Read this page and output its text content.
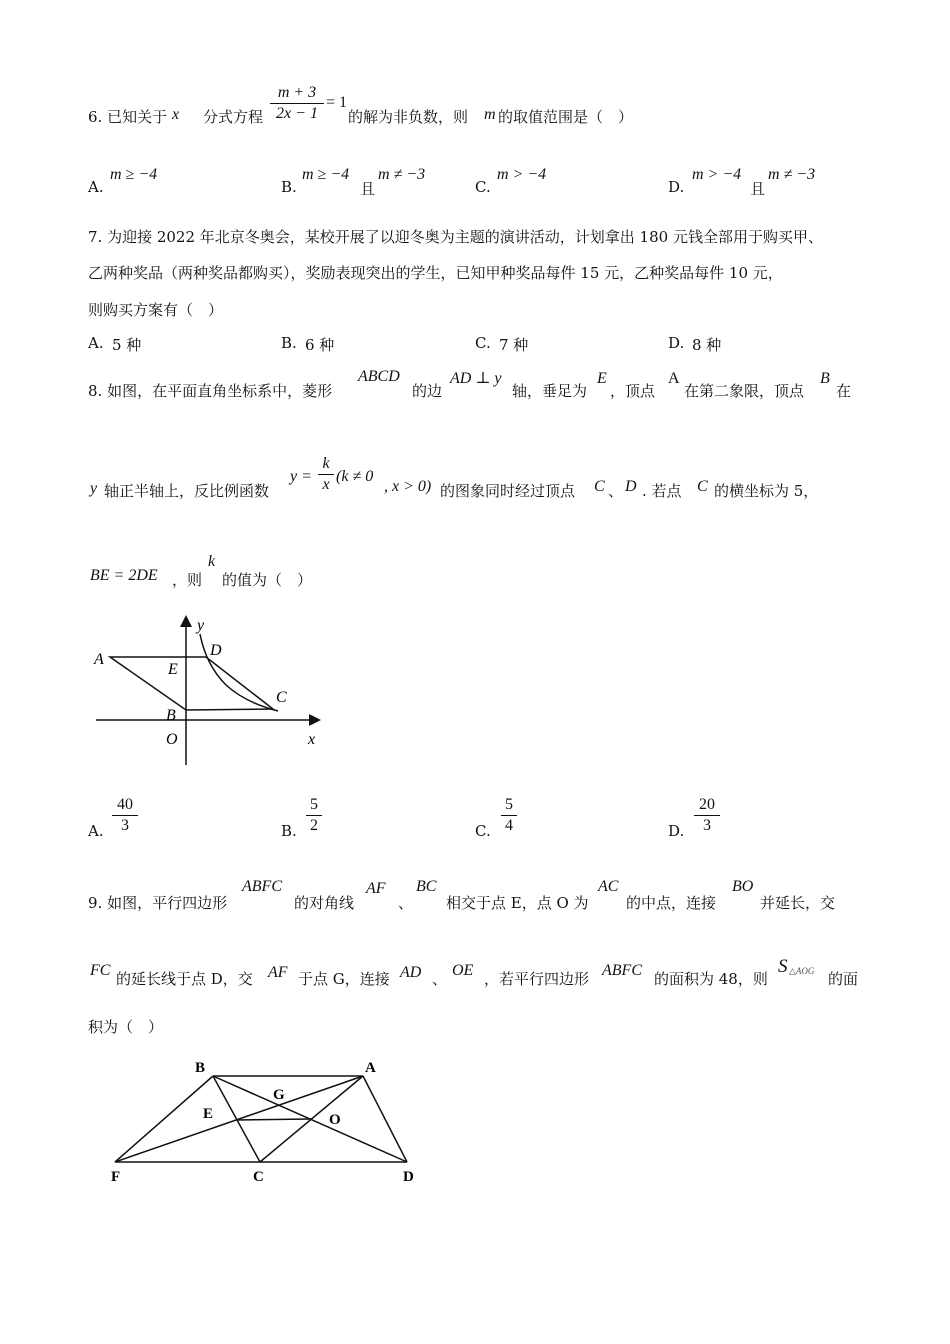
6. 已知关于 x 分式方程
m + 3
2x − 1
= 1
的解为非负数，则 m 的取值范围是（　）
A.
m ≥ −4
B.
m ≥ −4
且
m ≠ −3
C.
m > −4
D.
m > −4
且
m ≠ −3
7. 为迎接 2022 年北京冬奥会，某校开展了以迎冬奥为主题的演讲活动，计划拿出 180 元钱全部用于购买甲、
乙两种奖品（两种奖品都购买），奖励表现突出的学生，已知甲种奖品每件 15 元，乙种奖品每件 10 元，
则购买方案有（　）
A. 5 种	B. 6 种	C. 7 种	D. 8 种
8. 如图，在平面直角坐标系中，菱形
ABCD
的边
AD ⊥ y
轴，垂足为
E
，顶点
A
在第二象限，顶点
B
在
y 轴正半轴上，反比例函数
y =
k
x (k ≠ 0
, x > 0) 的图象同时经过顶点 C 、 D . 若点 C 的横坐标为 5，
BE = 2DE ，则
k
的值为（　）
A
D
E
C
B
O	x
y
A.
40
3	B.
5
2	C.
5
4	D.
20
3
9. 如图，平行四边形
ABFC
的对角线
AF
、
BC
相交于点 E，点 O 为
AC
的中点，连接
BO
并延长，交
FC 的延长线于点 D，交 AF 于点 G，连接 AD 、 OE ，若平行四边形 ABFC 的面积为 48，则
S △AOG 的面
积为（　）
B	A
G
E	O
F	C	D
